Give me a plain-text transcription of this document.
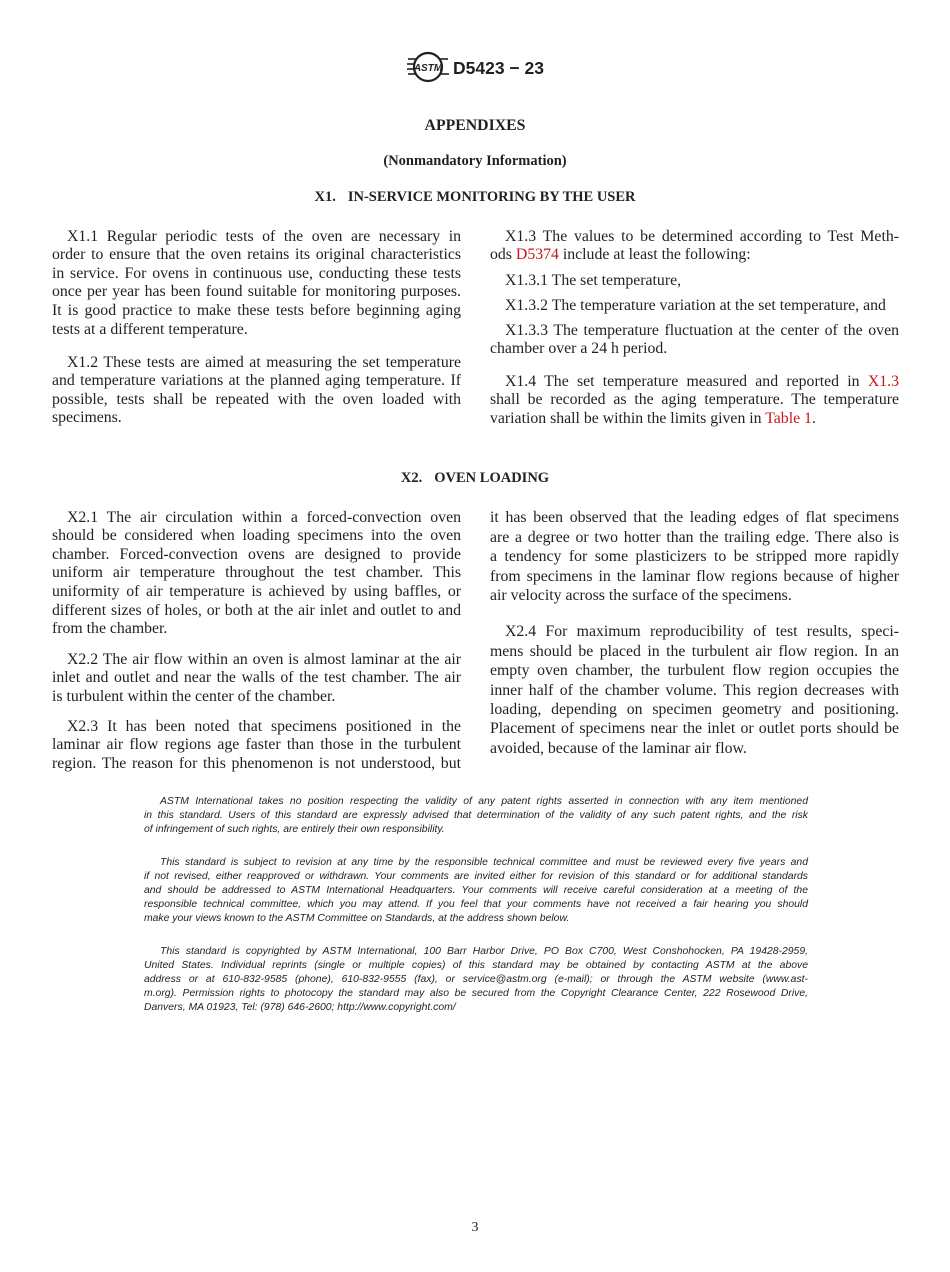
ASTM D5423 − 23
APPENDIXES
(Nonmandatory Information)
X1. IN-SERVICE MONITORING BY THE USER
X1.1 Regular periodic tests of the oven are necessary in
order to ensure that the oven retains its original characteristics
in service. For ovens in continuous use, conducting these tests
once per year has been found suitable for monitoring purposes.
It is good practice to make these tests before beginning aging
tests at a different temperature.
X1.2 These tests are aimed at measuring the set temperature
and temperature variations at the planned aging temperature. If
possible, tests shall be repeated with the oven loaded with
specimens.
X1.3 The values to be determined according to Test Meth-
ods D5374 include at least the following:
X1.3.1 The set temperature,
X1.3.2 The temperature variation at the set temperature, and
X1.3.3 The temperature fluctuation at the center of the oven
chamber over a 24 h period.
X1.4 The set temperature measured and reported in X1.3
shall be recorded as the aging temperature. The temperature
variation shall be within the limits given in Table 1.
X2. OVEN LOADING
X2.1 The air circulation within a forced-convection oven
should be considered when loading specimens into the oven
chamber. Forced-convection ovens are designed to provide
uniform air temperature throughout the test chamber. This
uniformity of air temperature is achieved by using baffles, or
different sizes of holes, or both at the air inlet and outlet to and
from the chamber.
X2.2 The air flow within an oven is almost laminar at the air
inlet and outlet and near the walls of the test chamber. The air
is turbulent within the center of the chamber.
X2.3 It has been noted that specimens positioned in the
laminar air flow regions age faster than those in the turbulent
region. The reason for this phenomenon is not understood, but
it has been observed that the leading edges of flat specimens
are a degree or two hotter than the trailing edge. There also is
a tendency for some plasticizers to be stripped more rapidly
from specimens in the laminar flow regions because of higher
air velocity across the surface of the specimens.
X2.4 For maximum reproducibility of test results, speci-
mens should be placed in the turbulent air flow region. In an
empty oven chamber, the turbulent flow region occupies the
inner half of the chamber volume. This region decreases with
loading, depending on specimen geometry and positioning.
Placement of specimens near the inlet or outlet ports should be
avoided, because of the laminar air flow.
ASTM International takes no position respecting the validity of any patent rights asserted in connection with any item mentioned
in this standard. Users of this standard are expressly advised that determination of the validity of any such patent rights, and the risk
of infringement of such rights, are entirely their own responsibility.
This standard is subject to revision at any time by the responsible technical committee and must be reviewed every five years and
if not revised, either reapproved or withdrawn. Your comments are invited either for revision of this standard or for additional standards
and should be addressed to ASTM International Headquarters. Your comments will receive careful consideration at a meeting of the
responsible technical committee, which you may attend. If you feel that your comments have not received a fair hearing you should
make your views known to the ASTM Committee on Standards, at the address shown below.
This standard is copyrighted by ASTM International, 100 Barr Harbor Drive, PO Box C700, West Conshohocken, PA 19428-2959,
United States. Individual reprints (single or multiple copies) of this standard may be obtained by contacting ASTM at the above
address or at 610-832-9585 (phone), 610-832-9555 (fax), or service@astm.org (e-mail); or through the ASTM website (www.ast-
m.org). Permission rights to photocopy the standard may also be secured from the Copyright Clearance Center, 222 Rosewood Drive,
Danvers, MA 01923, Tel: (978) 646-2600; http://www.copyright.com/
3
